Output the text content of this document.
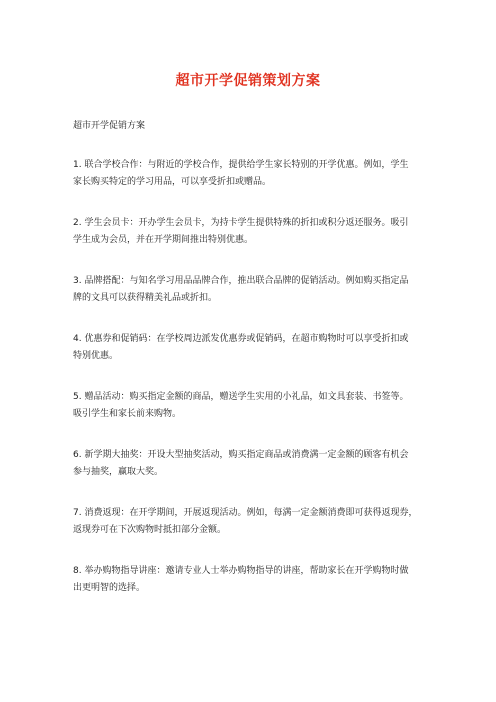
超市开学促销策划方案
超市开学促销方案
1. 联合学校合作：与附近的学校合作，提供给学生家长特别的开学优惠。例如，学生
家长购买特定的学习用品，可以享受折扣或赠品。
2. 学生会员卡：开办学生会员卡，为持卡学生提供特殊的折扣或积分返还服务。吸引
学生成为会员，并在开学期间推出特别优惠。
3. 品牌搭配：与知名学习用品品牌合作，推出联合品牌的促销活动。例如购买指定品
牌的文具可以获得精美礼品或折扣。
4. 优惠券和促销码：在学校周边派发优惠券或促销码，在超市购物时可以享受折扣或
特别优惠。
5. 赠品活动：购买指定金额的商品，赠送学生实用的小礼品，如文具套装、书签等。
吸引学生和家长前来购物。
6. 新学期大抽奖：开设大型抽奖活动，购买指定商品或消费满一定金额的顾客有机会
参与抽奖，赢取大奖。
7. 消费返现：在开学期间，开展返现活动。例如，每满一定金额消费即可获得返现券，
返现券可在下次购物时抵扣部分金额。
8. 举办购物指导讲座：邀请专业人士举办购物指导的讲座，帮助家长在开学购物时做
出更明智的选择。
